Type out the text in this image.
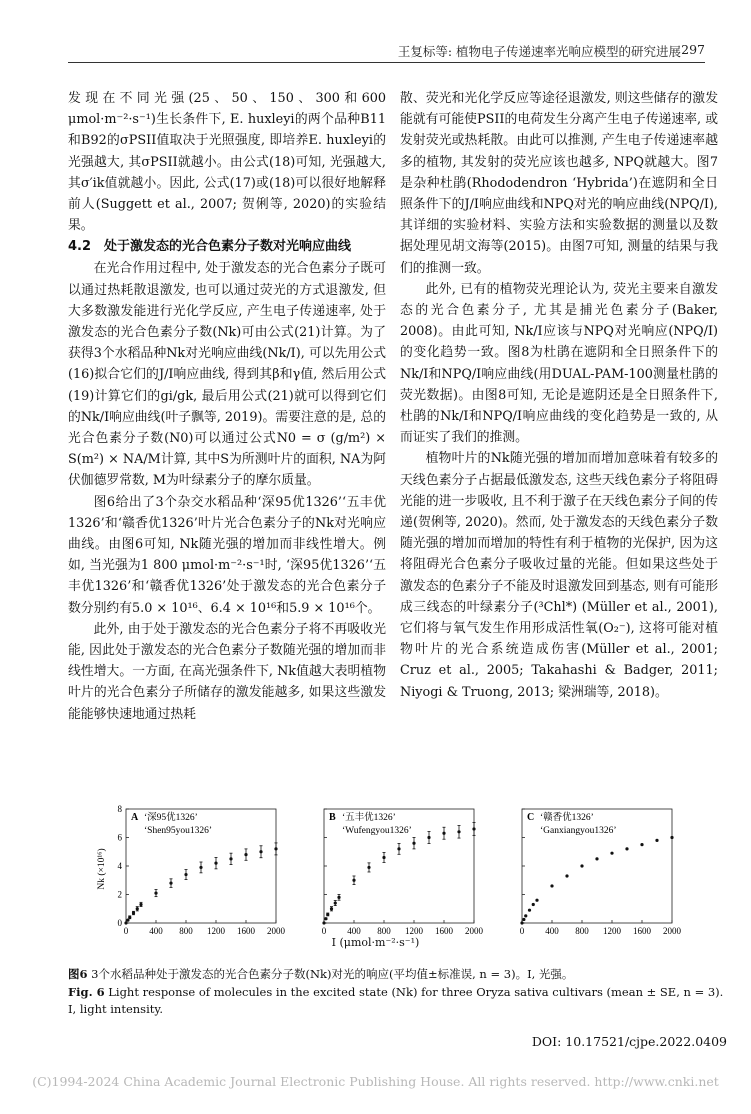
王复标等: 植物电子传递速率光响应模型的研究进展 297

发现在不同光强(25、50、150、300和600 μmol·m⁻²·s⁻¹)生长条件下, E. huxleyi的两个品种B11和B92的σPSII值取决于光照强度, 即培养E. huxleyi的光强越大, 其σPSII就越小。由公式(18)可知, 光强越大, 其σ′ik值就越小。因此, 公式(17)或(18)可以很好地解释前人(Suggett et al., 2007; 贺俐等, 2020)的实验结果。

4.2　处于激发态的光合色素分子数对光响应曲线

在光合作用过程中, 处于激发态的光合色素分子既可以通过热耗散退激发, 也可以通过荧光的方式退激发, 但大多数激发能进行光化学反应, 产生电子传递速率, 处于激发态的光合色素分子数(Nk)可由公式(21)计算。为了获得3个水稻品种Nk对光响应曲线(Nk/I), 可以先用公式(16)拟合它们的J/I响应曲线, 得到其β和γ值, 然后用公式(19)计算它们的gi/gk, 最后用公式(21)就可以得到它们的Nk/I响应曲线(叶子飘等, 2019)。需要注意的是, 总的光合色素分子数(N0)可以通过公式N0 = σ (g/m²) × S(m²) × NA/M计算, 其中S为所测叶片的面积, NA为阿伏伽德罗常数, M为叶绿素分子的摩尔质量。

图6给出了3个杂交水稻品种‘深95优1326’‘五丰优1326’和‘赣香优1326’叶片光合色素分子的Nk对光响应曲线。由图6可知, Nk随光强的增加而非线性增大。例如, 当光强为1 800 μmol·m⁻²·s⁻¹时, ‘深95优1326’‘五丰优1326’和‘赣香优1326’处于激发态的光合色素分子数分别约有5.0 × 10¹⁶、6.4 × 10¹⁶和5.9 × 10¹⁶个。

此外, 由于处于激发态的光合色素分子将不再吸收光能, 因此处于激发态的光合色素分子数随光强的增加而非线性增大。一方面, 在高光强条件下, Nk值越大表明植物叶片的光合色素分子所储存的激发能越多, 如果这些激发能能够快速地通过热耗

散、荧光和光化学反应等途径退激发, 则这些储存的激发能就有可能使PSII的电荷发生分离产生电子传递速率, 或发射荧光或热耗散。由此可以推测, 产生电子传递速率越多的植物, 其发射的荧光应该也越多, NPQ就越大。图7是杂种杜鹃(Rhododendron ‘Hybrida’)在遮阴和全日照条件下的J/I响应曲线和NPQ对光的响应曲线(NPQ/I), 其详细的实验材料、实验方法和实验数据的测量以及数据处理见胡文海等(2015)。由图7可知, 测量的结果与我们的推测一致。

此外, 已有的植物荧光理论认为, 荧光主要来自激发态的光合色素分子, 尤其是捕光色素分子(Baker, 2008)。由此可知, Nk/I应该与NPQ对光响应(NPQ/I)的变化趋势一致。图8为杜鹃在遮阴和全日照条件下的Nk/I和NPQ/I响应曲线(用DUAL-PAM-100测量杜鹃的荧光数据)。由图8可知, 无论是遮阴还是全日照条件下, 杜鹃的Nk/I和NPQ/I响应曲线的变化趋势是一致的, 从而证实了我们的推测。

植物叶片的Nk随光强的增加而增加意味着有较多的天线色素分子占据最低激发态, 这些天线色素分子将阻碍光能的进一步吸收, 且不利于激子在天线色素分子间的传递(贺俐等, 2020)。然而, 处于激发态的天线色素分子数随光强的增加而增加的特性有利于植物的光保护, 因为这将阻碍光合色素分子吸收过量的光能。但如果这些处于激发态的色素分子不能及时退激发回到基态, 则有可能形成三线态的叶绿素分子(³Chl*) (Müller et al., 2001), 它们将与氧气发生作用形成活性氧(O₂⁻), 这将可能对植物叶片的光合系统造成伤害(Müller et al., 2001; Cruz et al., 2005; Takahashi & Badger, 2011; Niyogi & Truong, 2013; 梁洲瑞等, 2018)。

0 400 800 1200 1600 2000
0
2
4
6
8
Nk (×10¹⁶)
A ‘深95优1326’
‘Shen95you1326’
0 400 800 1200 1600 2000
B ‘五丰优1326’
‘Wufengyou1326’
0 400 800 1200 1600 2000
C ‘赣香优1326’
‘Ganxiangyou1326’
I (μmol·m⁻²·s⁻¹)
图6 3个水稻品种处于激发态的光合色素分子数(Nk)对光的响应(平均值±标准误, n = 3)。I, 光强。
Fig. 6 Light response of molecules in the excited state (Nk) for three Oryza sativa cultivars (mean ± SE, n = 3). I, light intensity.
DOI: 10.17521/cjpe.2022.0409
(C)1994-2024 China Academic Journal Electronic Publishing House. All rights reserved. http://www.cnki.net
